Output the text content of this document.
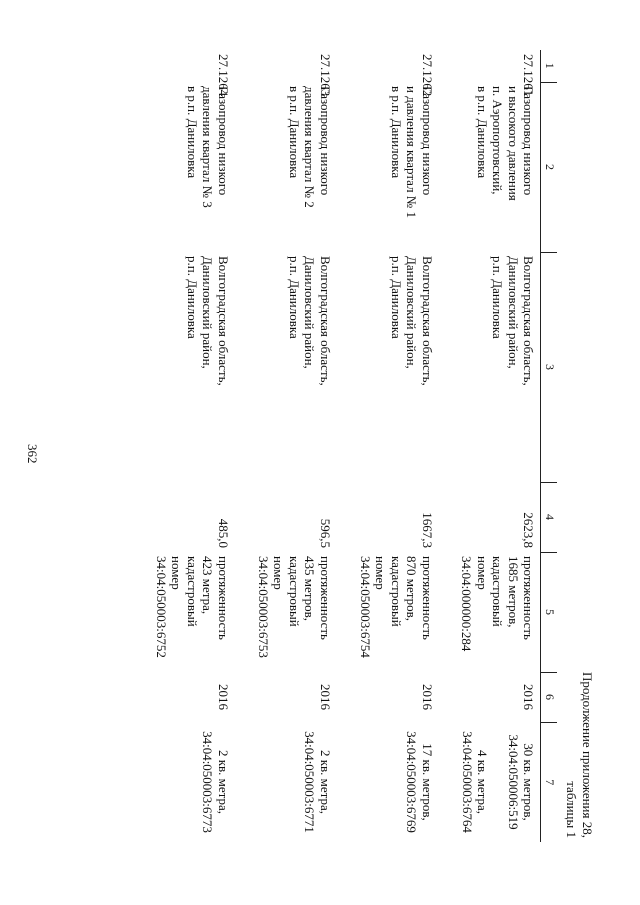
362
Продолжение приложения 28,
таблицы 1
1	2	3	4	5	6	7
27.1261	Газопровод низкого
и высокого давления
п. Аэропортовский,
в р.п. Даниловка	Волгоградская область,
Даниловский район,
р.п. Даниловка	2623,8	протяженность
1685 метров,
кадастровый
номер
34:04:000000:284	2016	30 кв. метров,
34:04:050006:519
4 кв. метра,
34:04:050003:6764

27.1262	Газопровод низкого
и давления квартал № 1
в р.п. Даниловка	Волгоградская область,
Даниловский район,
р.п. Даниловка	1667,3	протяженность
870 метров,
кадастровый
номер
34:04:050003:6754	2016	17 кв. метров,
34:04:050003:6769

27.1263	Газопровод низкого
давления квартал № 2
в р.п. Даниловка	Волгоградская область,
Даниловский район,
р.п. Даниловка	596,5	протяженность
435 метров,
кадастровый
номер
34:04:050003:6753	2016	2 кв. метра,
34:04:050003:6771

27.1264	Газопровод низкого
давления квартал № 3
в р.п. Даниловка	Волгоградская область,
Даниловский район,
р.п. Даниловка	485,0	протяженность
423 метра,
кадастровый
номер
34:04:050003:6752	2016	2 кв. метра,
34:04:050003:6773
